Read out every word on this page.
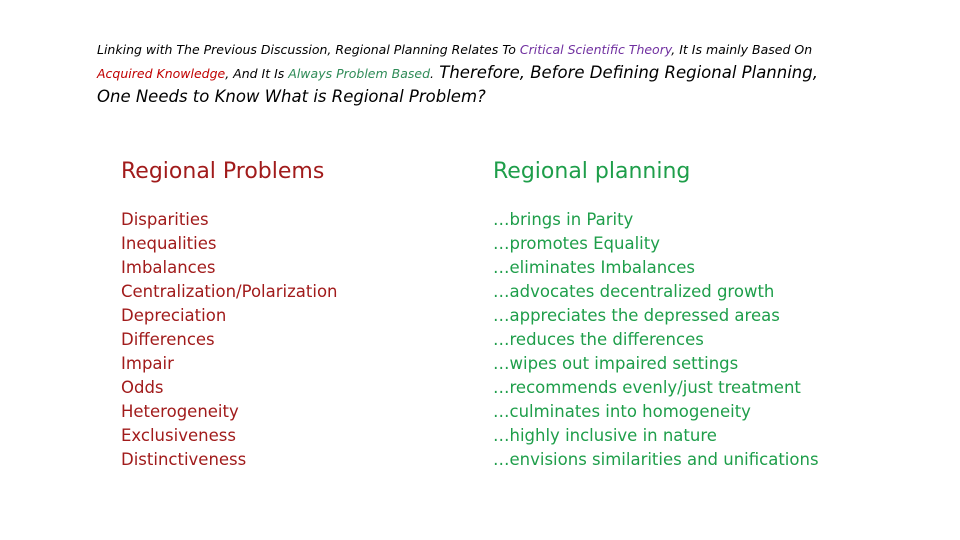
Linking with The Previous Discussion, Regional Planning Relates To Critical Scientific Theory, It Is mainly Based On
Acquired Knowledge, And It Is Always Problem Based. Therefore, Before Defining Regional Planning,
One Needs to Know What is Regional Problem?
Regional Problems
Disparities
Inequalities
Imbalances
Centralization/Polarization
Depreciation
Differences
Impair
Odds
Heterogeneity
Exclusiveness
Distinctiveness
Regional planning
…brings in Parity
…promotes Equality
…eliminates Imbalances
…advocates decentralized growth
…appreciates the depressed areas
…reduces the differences
…wipes out impaired settings
…recommends evenly/just treatment
…culminates into homogeneity
…highly inclusive in nature
…envisions similarities and unifications
